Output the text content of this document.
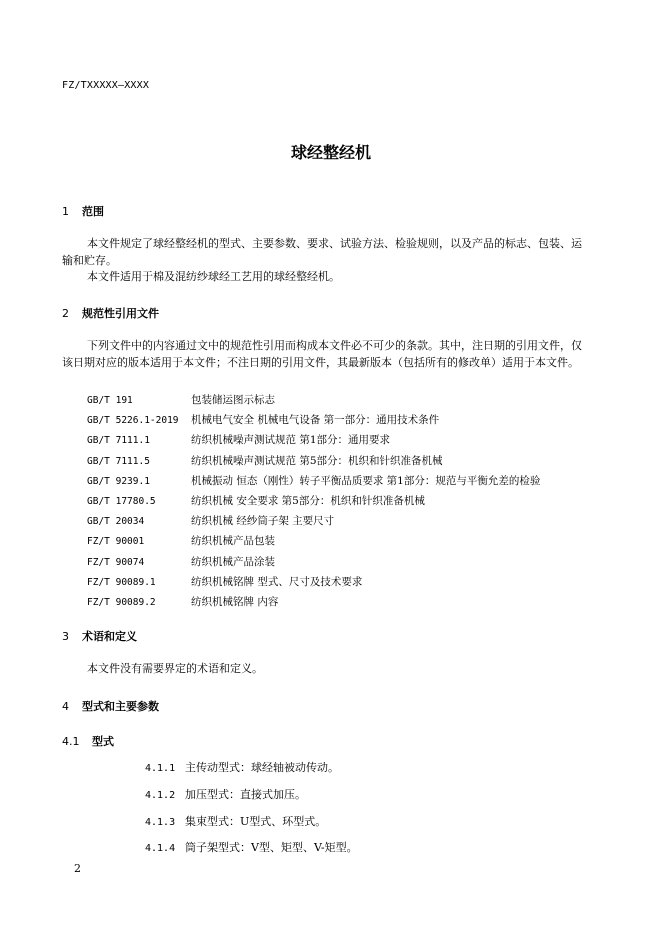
FZ/TXXXXX—XXXX
球经整经机
1 范围
本文件规定了球经整经机的型式、主要参数、要求、试验方法、检验规则，以及产品的标志、包装、运输和贮存。
本文件适用于棉及混纺纱球经工艺用的球经整经机。
2 规范性引用文件
下列文件中的内容通过文中的规范性引用而构成本文件必不可少的条款。其中，注日期的引用文件，仅该日期对应的版本适用于本文件；不注日期的引用文件，其最新版本（包括所有的修改单）适用于本文件。
GB/T 191	包装储运图示标志
GB/T 5226.1-2019 机械电气安全 机械电气设备 第一部分：通用技术条件
GB/T 7111.1	纺织机械噪声测试规范 第1部分：通用要求
GB/T 7111.5	纺织机械噪声测试规范 第5部分：机织和针织准备机械
GB/T 9239.1	机械振动 恒态（刚性）转子平衡品质要求 第1部分：规范与平衡允差的检验
GB/T 17780.5	纺织机械 安全要求 第5部分：机织和针织准备机械
GB/T 20034	纺织机械 经纱筒子架 主要尺寸
FZ/T 90001	纺织机械产品包装
FZ/T 90074	纺织机械产品涂装
FZ/T 90089.1	纺织机械铭牌 型式、尺寸及技术要求
FZ/T 90089.2	纺织机械铭牌 内容
3 术语和定义
本文件没有需要界定的术语和定义。
4 型式和主要参数
4.1 型式
4.1.1 主传动型式：球经轴被动传动。
4.1.2 加压型式：直接式加压。
4.1.3 集束型式：U型式、环型式。
4.1.4 筒子架型式：V型、矩型、V-矩型。
2
